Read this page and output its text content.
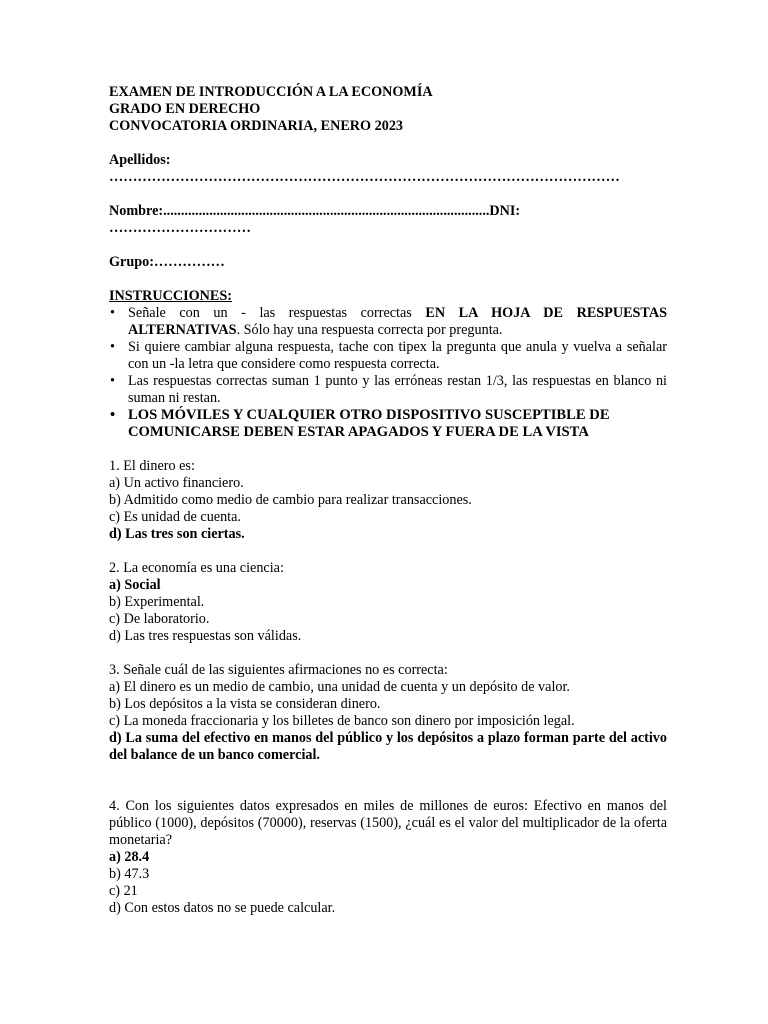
EXAMEN DE INTRODUCCIÓN A LA ECONOMÍA
GRADO EN DERECHO
CONVOCATORIA ORDINARIA, ENERO 2023
Apellidos:
………………………………………………………………………………………………
Nombre:............................................................................................DNI:
…………………………
Grupo:……………
INSTRUCCIONES:
• Señale con un - las respuestas correctas EN LA HOJA DE RESPUESTAS ALTERNATIVAS. Sólo hay una respuesta correcta por pregunta.
• Si quiere cambiar alguna respuesta, tache con tipex la pregunta que anula y vuelva a señalar con un -la letra que considere como respuesta correcta.
• Las respuestas correctas suman 1 punto y las erróneas restan 1/3, las respuestas en blanco ni suman ni restan.
• LOS MÓVILES Y CUALQUIER OTRO DISPOSITIVO SUSCEPTIBLE DE COMUNICARSE DEBEN ESTAR APAGADOS Y FUERA DE LA VISTA
1. El dinero es:
a) Un activo financiero.
b) Admitido como medio de cambio para realizar transacciones.
c) Es unidad de cuenta.
d) Las tres son ciertas.
2. La economía es una ciencia:
a) Social
b) Experimental.
c) De laboratorio.
d) Las tres respuestas son válidas.
3. Señale cuál de las siguientes afirmaciones no es correcta:
a) El dinero es un medio de cambio, una unidad de cuenta y un depósito de valor.
b) Los depósitos a la vista se consideran dinero.
c) La moneda fraccionaria y los billetes de banco son dinero por imposición legal.
d) La suma del efectivo en manos del público y los depósitos a plazo forman parte del activo del balance de un banco comercial.
4. Con los siguientes datos expresados en miles de millones de euros: Efectivo en manos del público (1000), depósitos (70000), reservas (1500), ¿cuál es el valor del multiplicador de la oferta monetaria?
a) 28.4
b) 47.3
c) 21
d) Con estos datos no se puede calcular.
